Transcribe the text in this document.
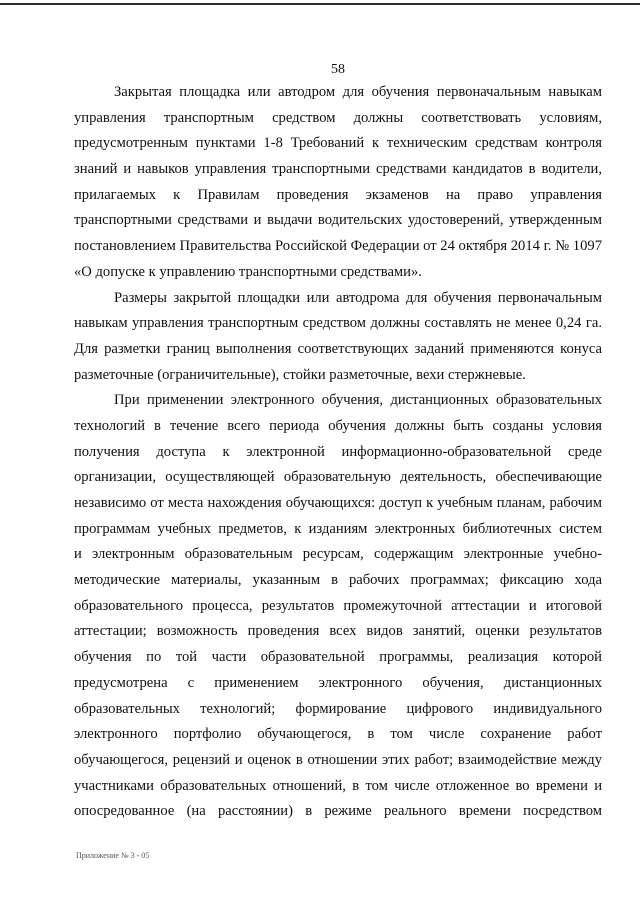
58
Закрытая площадка или автодром для обучения первоначальным навыкам
управления транспортным средством должны соответствовать условиям,
предусмотренным пунктами 1-8 Требований к техническим средствам контроля
знаний и навыков управления транспортными средствами кандидатов в водители,
прилагаемых к Правилам проведения экзаменов на право управления
транспортными средствами и выдачи водительских удостоверений, утвержденным
постановлением Правительства Российской Федерации от 24 октября 2014 г. № 1097
«О допуске к управлению транспортными средствами».
Размеры закрытой площадки или автодрома для обучения первоначальным
навыкам управления транспортным средством должны составлять не менее 0,24 га.
Для разметки границ выполнения соответствующих заданий применяются конуса
разметочные (ограничительные), стойки разметочные, вехи стержневые.
При применении электронного обучения, дистанционных образовательных
технологий в течение всего периода обучения должны быть созданы условия
получения доступа к электронной информационно-образовательной среде
организации, осуществляющей образовательную деятельность, обеспечивающие
независимо от места нахождения обучающихся: доступ к учебным планам, рабочим
программам учебных предметов, к изданиям электронных библиотечных систем
и электронным образовательным ресурсам, содержащим электронные учебно-
методические материалы, указанным в рабочих программах; фиксацию хода
образовательного процесса, результатов промежуточной аттестации и итоговой
аттестации; возможность проведения всех видов занятий, оценки результатов
обучения по той части образовательной программы, реализация которой
предусмотрена с применением электронного обучения, дистанционных
образовательных технологий; формирование цифрового индивидуального
электронного портфолио обучающегося, в том числе сохранение работ
обучающегося, рецензий и оценок в отношении этих работ; взаимодействие между
участниками образовательных отношений, в том числе отложенное во времени и
опосредованное (на расстоянии) в режиме реального времени посредством
Приложение № 3 - 05
